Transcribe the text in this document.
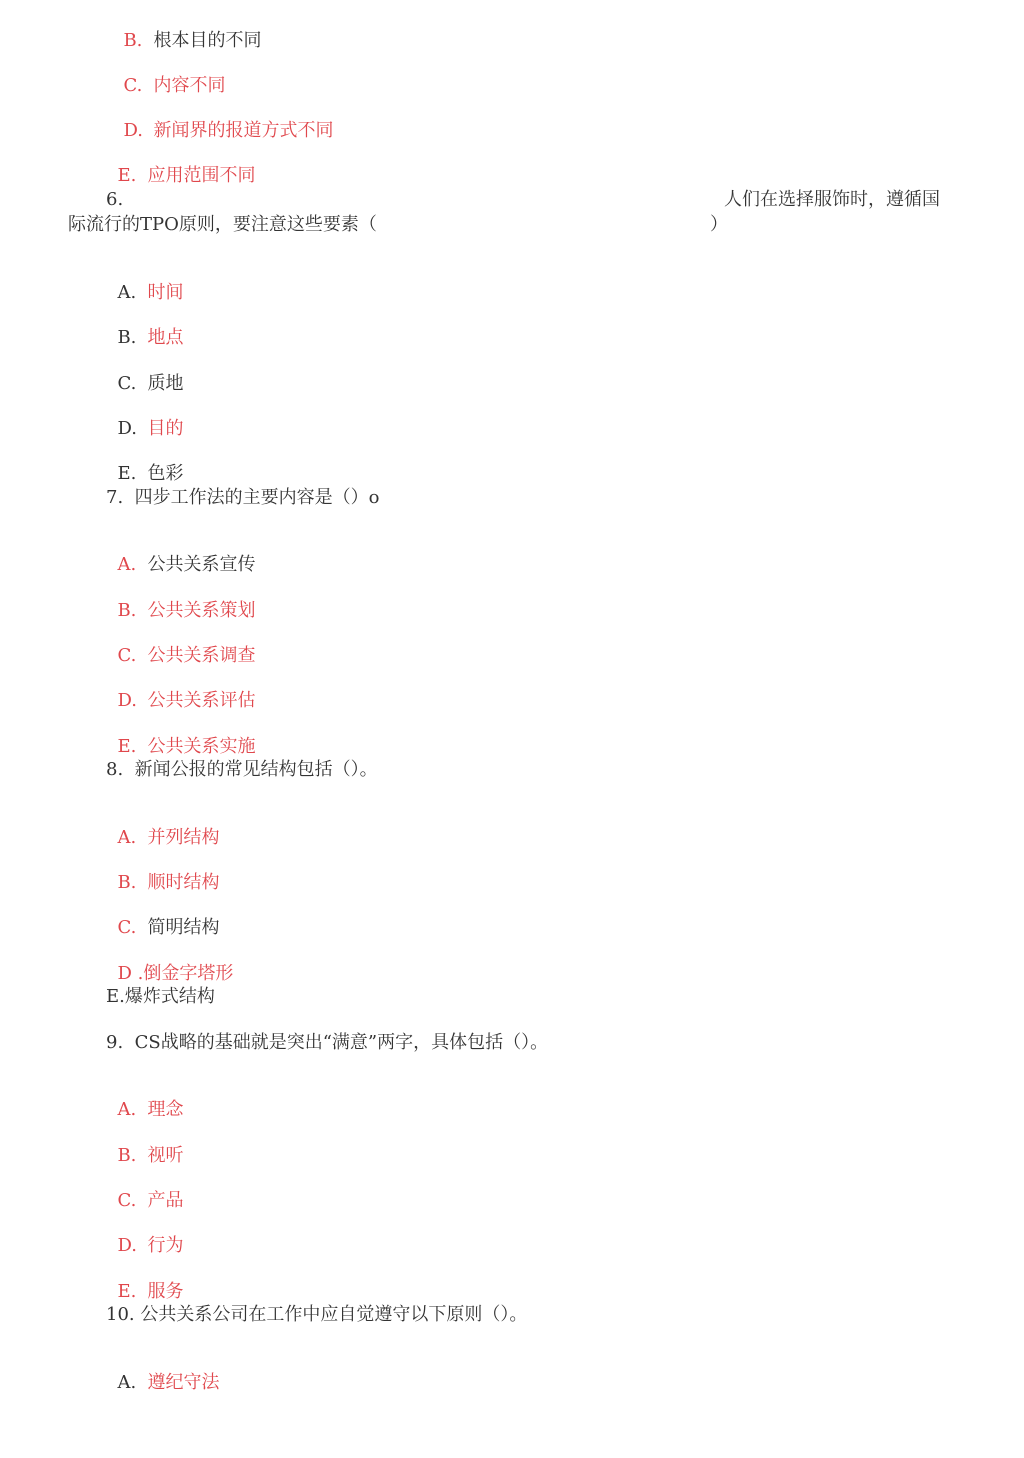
B. 根本目的不同

C. 内容不同

D. 新闻界的报道方式不同

E. 应用范围不同

6.	人们在选择服饰时，遵循国
际流行的TPO原则，要注意这些要素（	）

A. 时间

B. 地点

C. 质地

D. 目的

E. 色彩

7.  四步工作法的主要内容是（）o

A. 公共关系宣传

B. 公共关系策划

C. 公共关系调查

D. 公共关系评估

E. 公共关系实施

8.  新闻公报的常见结构包括（）。

A. 并列结构

B. 顺时结构

C. 简明结构

D .倒金字塔形

E.爆炸式结构
9.  CS战略的基础就是突出“满意”两字，具体包括（）。

A. 理念

B. 视听

C. 产品

D. 行为

E. 服务

10. 公共关系公司在工作中应自觉遵守以下原则（）。

A. 遵纪守法
